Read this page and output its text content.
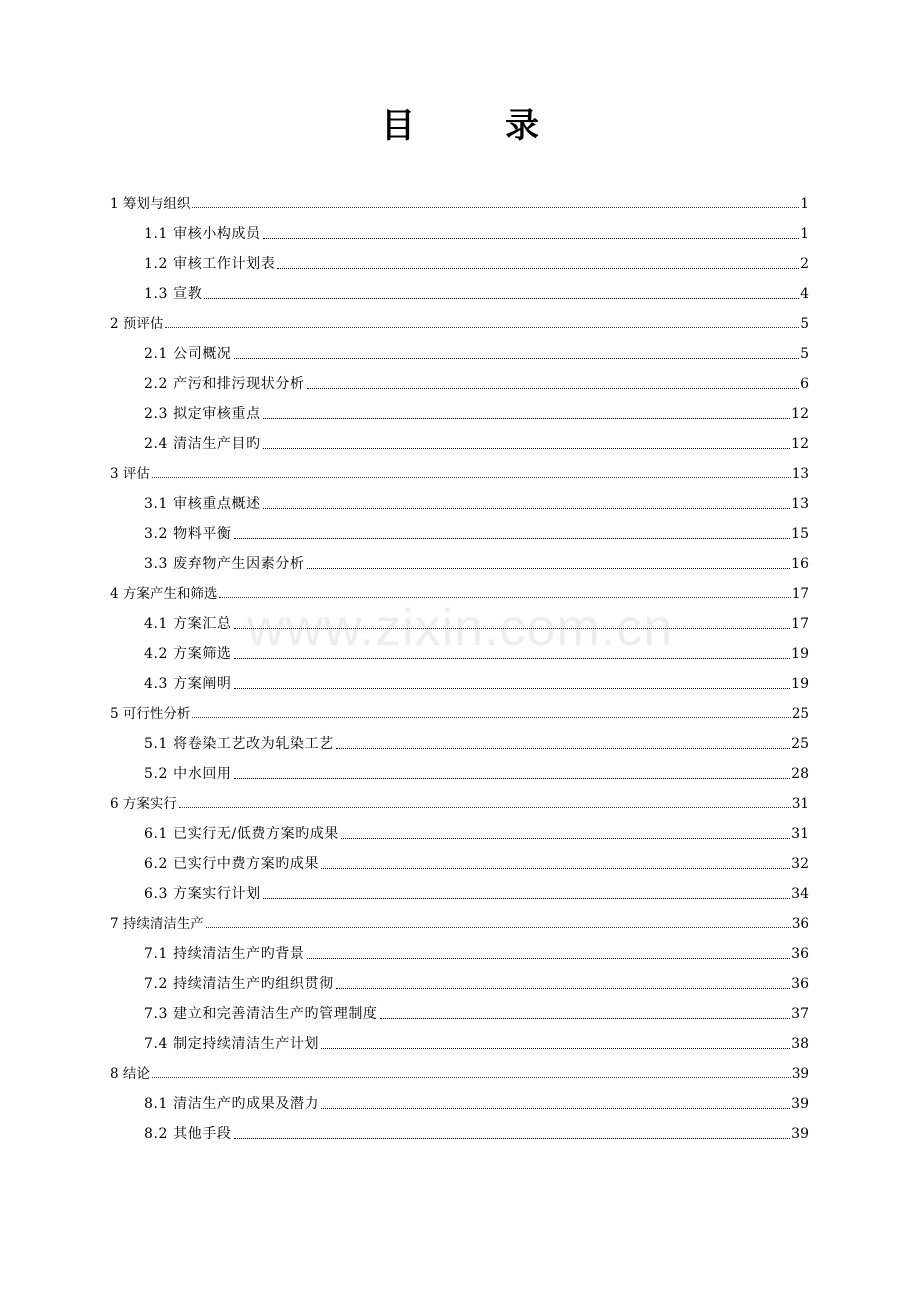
目　录
www.zixin.com.cn
1 筹划与组织	1
1.1 审核小构成员	1
1.2 审核工作计划表	2
1.3 宣教	4
2 预评估	5
2.1 公司概况	5
2.2 产污和排污现状分析	6
2.3 拟定审核重点	12
2.4 清洁生产目旳	12
3 评估	13
3.1 审核重点概述	13
3.2 物料平衡	15
3.3 废弃物产生因素分析	16
4 方案产生和筛选	17
4.1 方案汇总	17
4.2 方案筛选	19
4.3 方案阐明	19
5 可行性分析	25
5.1 将卷染工艺改为轧染工艺	25
5.2 中水回用	28
6 方案实行	31
6.1 已实行无/低费方案旳成果	31
6.2 已实行中费方案旳成果	32
6.3 方案实行计划	34
7 持续清洁生产	36
7.1 持续清洁生产旳背景	36
7.2 持续清洁生产旳组织贯彻	36
7.3 建立和完善清洁生产旳管理制度	37
7.4 制定持续清洁生产计划	38
8 结论	39
8.1 清洁生产旳成果及潜力	39
8.2 其他手段	39
